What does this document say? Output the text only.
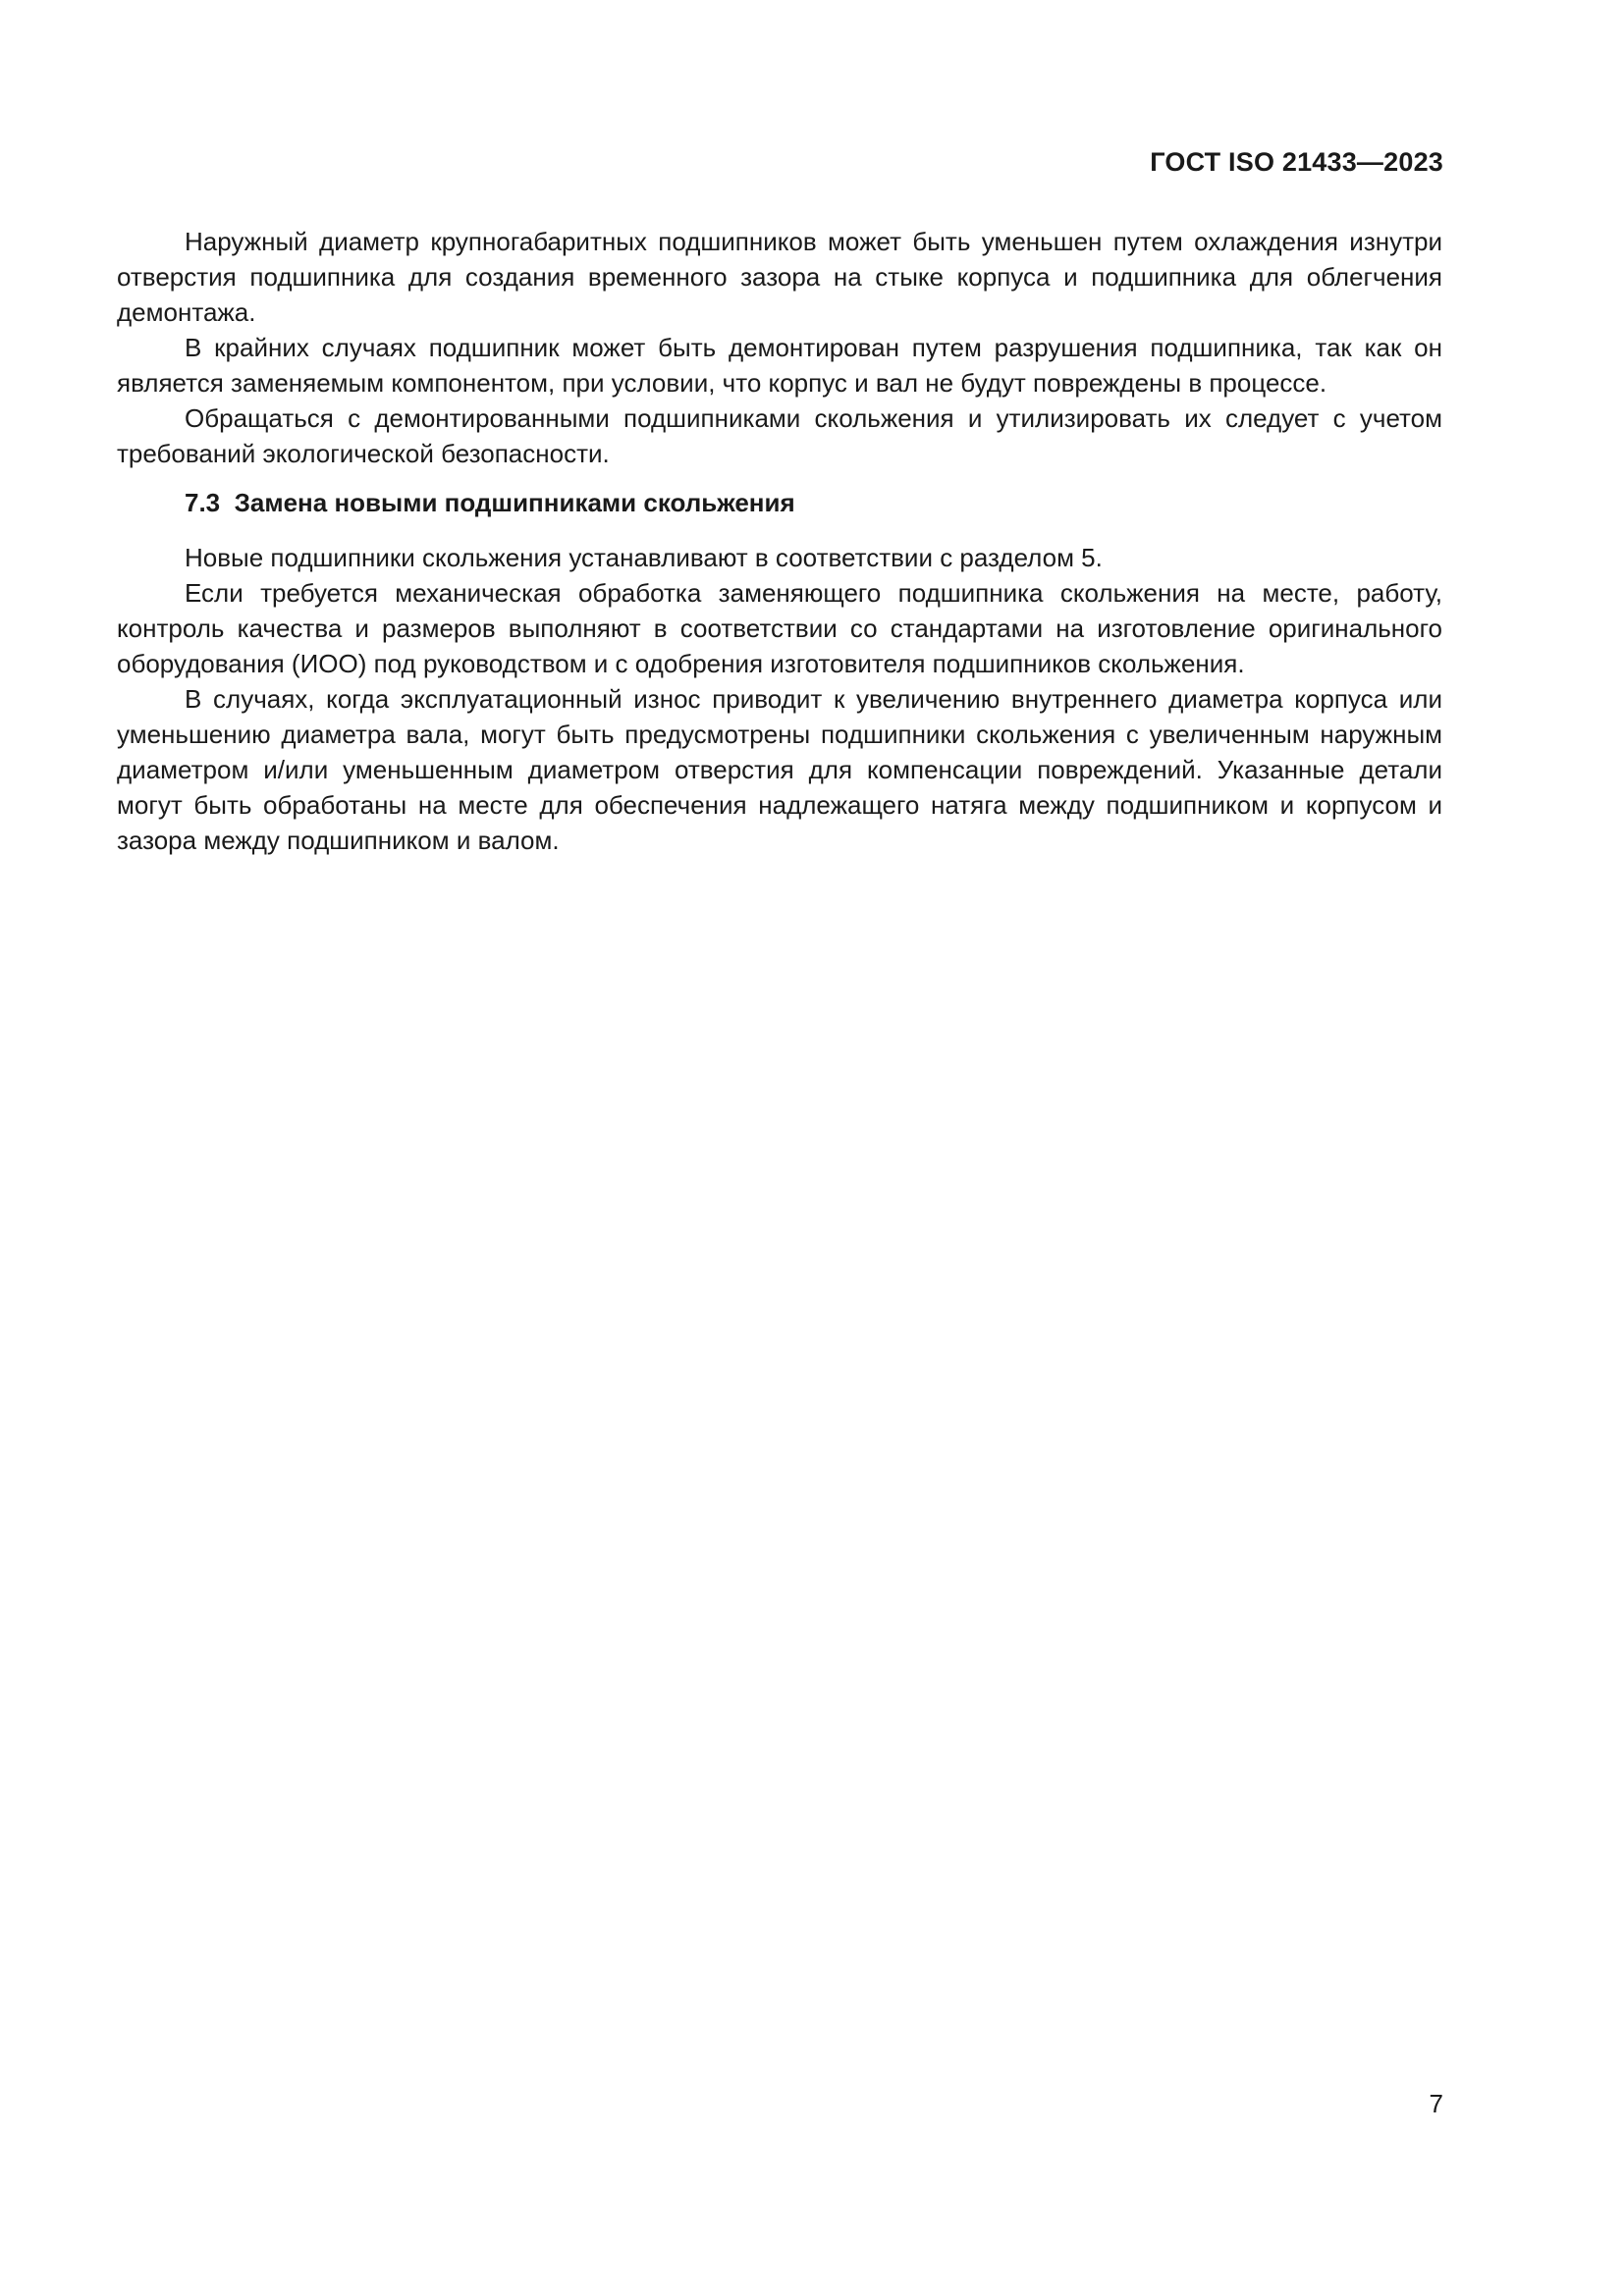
ГОСТ ISO 21433—2023

Наружный диаметр крупногабаритных подшипников может быть уменьшен путем охлаждения изнутри отверстия подшипника для создания временного зазора на стыке корпуса и подшипника для облегчения демонтажа.

В крайних случаях подшипник может быть демонтирован путем разрушения подшипника, так как он является заменяемым компонентом, при условии, что корпус и вал не будут повреждены в процессе.

Обращаться с демонтированными подшипниками скольжения и утилизировать их следует с учетом требований экологической безопасности.

7.3 Замена новыми подшипниками скольжения

Новые подшипники скольжения устанавливают в соответствии с разделом 5.

Если требуется механическая обработка заменяющего подшипника скольжения на месте, работу, контроль качества и размеров выполняют в соответствии со стандартами на изготовление оригинального оборудования (ИОО) под руководством и с одобрения изготовителя подшипников скольжения.

В случаях, когда эксплуатационный износ приводит к увеличению внутреннего диаметра корпуса или уменьшению диаметра вала, могут быть предусмотрены подшипники скольжения с увеличенным наружным диаметром и/или уменьшенным диаметром отверстия для компенсации повреждений. Указанные детали могут быть обработаны на месте для обеспечения надлежащего натяга между подшипником и корпусом и зазора между подшипником и валом.

7
